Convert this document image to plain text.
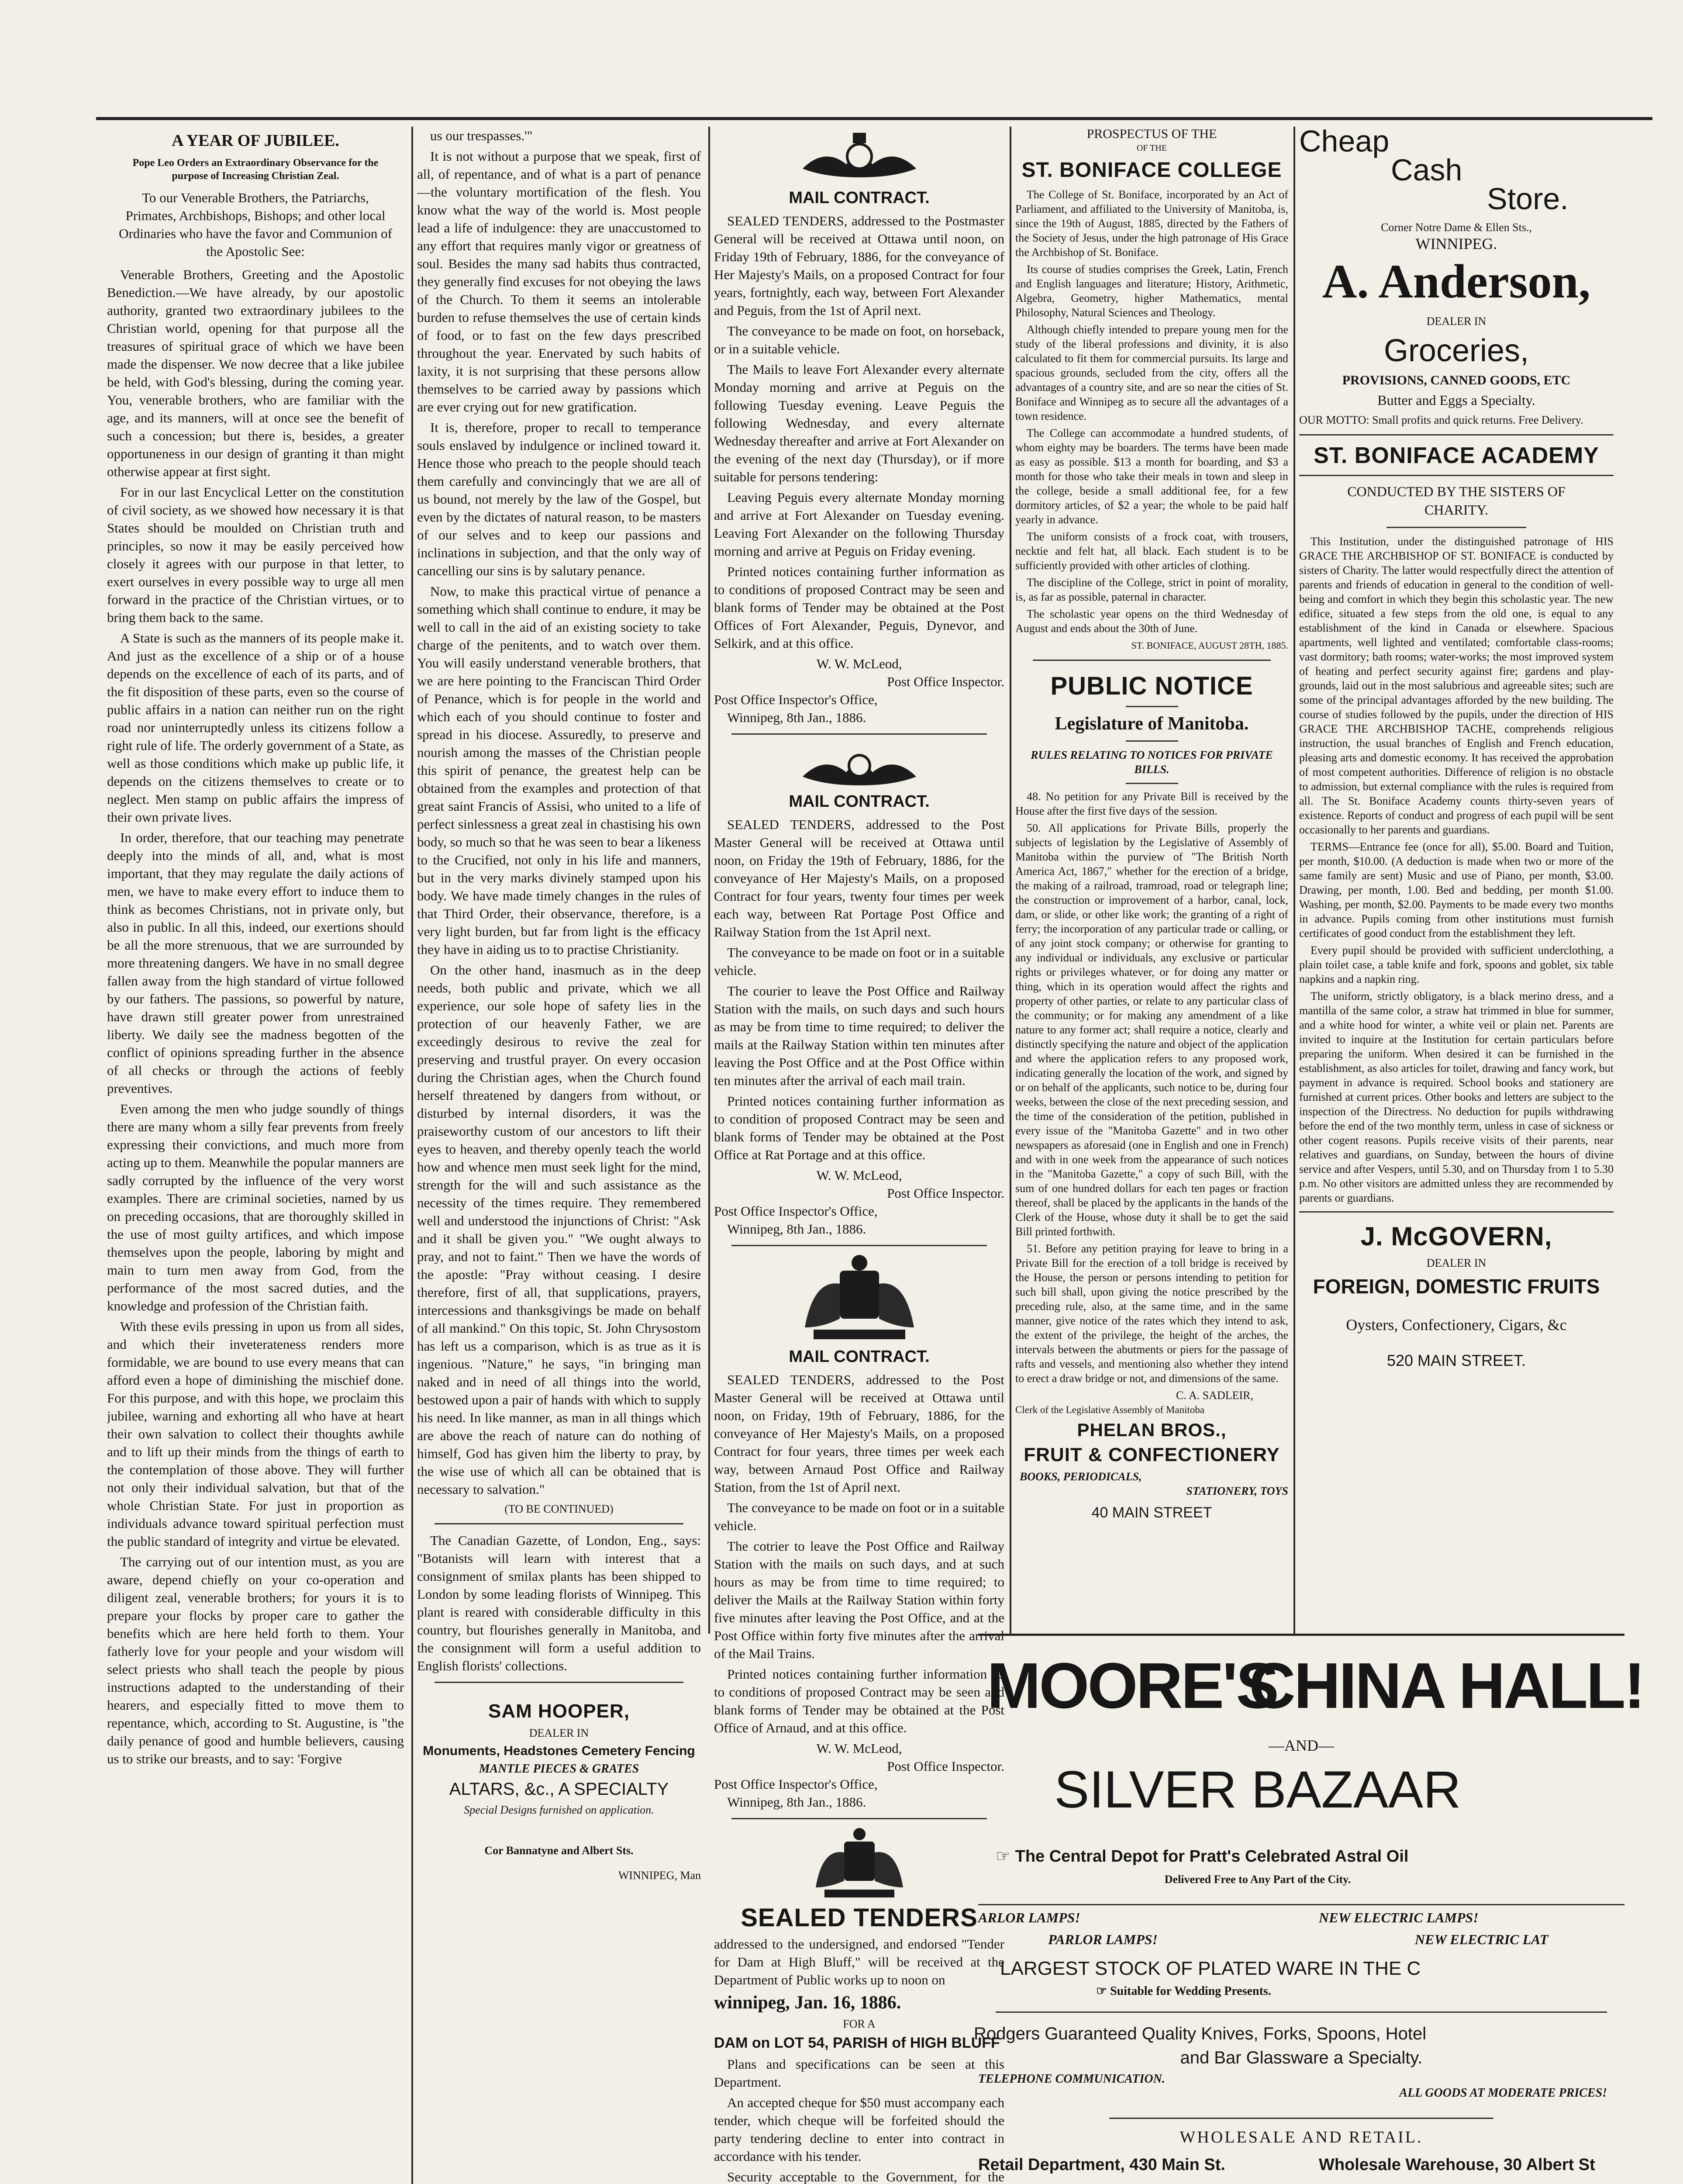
A YEAR OF JUBILEE.
Pope Leo Orders an Extraordinary Observance for the purpose of Increasing Christian Zeal.

To our Venerable Brothers, the Patriarchs, Primates, Archbishops, Bishops; and other local Ordinaries who have the favor and Communion of the Apostolic See:

Venerable Brothers, Greeting and the Apostolic Benediction.—We have already, by our apostolic authority, granted two extraordinary jubilees to the Christian world, opening for that purpose all the treasures of spiritual grace of which we have been made the dispenser. We now decree that a like jubilee be held, with God's blessing, during the coming year. You, venerable brothers, who are familiar with the age, and its manners, will at once see the benefit of such a concession; but there is, besides, a greater opportuneness in our design of granting it than might otherwise appear at first sight.

For in our last Encyclical Letter on the constitution of civil society, as we showed how necessary it is that States should be moulded on Christian truth and principles, so now it may be easily perceived how closely it agrees with our purpose in that letter, to exert ourselves in every possible way to urge all men forward in the practice of the Christian virtues, or to bring them back to the same.

A State is such as the manners of its people make it. And just as the excellence of a ship or of a house depends on the excellence of each of its parts, and of the fit disposition of these parts, even so the course of public affairs in a nation can neither run on the right road nor uninterruptedly unless its citizens follow a right rule of life. The orderly government of a State, as well as those conditions which make up public life, it depends on the citizens themselves to create or to neglect. Men stamp on public affairs the impress of their own private lives.

In order, therefore, that our teaching may penetrate deeply into the minds of all, and, what is most important, that they may regulate the daily actions of men, we have to make every effort to induce them to think as becomes Christians, not in private only, but also in public. In all this, indeed, our exertions should be all the more strenuous, that we are surrounded by more threatening dangers. We have in no small degree fallen away from the high standard of virtue followed by our fathers. The passions, so powerful by nature, have drawn still greater power from unrestrained liberty. We daily see the madness begotten of the conflict of opinions spreading further in the absence of all checks or through the actions of feebly preventives.

Even among the men who judge soundly of things there are many whom a silly fear prevents from freely expressing their convictions, and much more from acting up to them. Meanwhile the popular manners are sadly corrupted by the influence of the very worst examples. There are criminal societies, named by us on preceding occasions, that are thoroughly skilled in the use of most guilty artifices, and which impose themselves upon the people, laboring by might and main to turn men away from God, from the performance of the most sacred duties, and the knowledge and profession of the Christian faith.

With these evils pressing in upon us from all sides, and which their inveterateness renders more formidable, we are bound to use every means that can afford even a hope of diminishing the mischief done. For this purpose, and with this hope, we proclaim this jubilee, warning and exhorting all who have at heart their own salvation to collect their thoughts awhile and to lift up their minds from the things of earth to the contemplation of those above. They will further not only their individual salvation, but that of the whole Christian State. For just in proportion as individuals advance toward spiritual perfection must the public standard of integrity and virtue be elevated.

The carrying out of our intention must, as you are aware, depend chiefly on your co-operation and diligent zeal, venerable brothers; for yours it is to prepare your flocks by proper care to gather the benefits which are here held forth to them. Your fatherly love for your people and your wisdom will select priests who shall teach the people by pious instructions adapted to the understanding of their hearers, and especially fitted to move them to repentance, which, according to St. Augustine, is "the daily penance of good and humble believers, causing us to strike our breasts, and to say: 'Forgive

us our trespasses.'"

It is not without a purpose that we speak, first of all, of repentance, and of what is a part of penance—the voluntary mortification of the flesh. You know what the way of the world is. Most people lead a life of indulgence: they are unaccustomed to any effort that requires manly vigor or greatness of soul. Besides the many sad habits thus contracted, they generally find excuses for not obeying the laws of the Church. To them it seems an intolerable burden to refuse themselves the use of certain kinds of food, or to fast on the few days prescribed throughout the year. Enervated by such habits of laxity, it is not surprising that these persons allow themselves to be carried away by passions which are ever crying out for new gratification.

It is, therefore, proper to recall to temperance souls enslaved by indulgence or inclined toward it. Hence those who preach to the people should teach them carefully and convincingly that we are all of us bound, not merely by the law of the Gospel, but even by the dictates of natural reason, to be masters of our selves and to keep our passions and inclinations in subjection, and that the only way of cancelling our sins is by salutary penance.

Now, to make this practical virtue of penance a something which shall continue to endure, it may be well to call in the aid of an existing society to take charge of the penitents, and to watch over them. You will easily understand venerable brothers, that we are here pointing to the Franciscan Third Order of Penance, which is for people in the world and which each of you should continue to foster and spread in his diocese. Assuredly, to preserve and nourish among the masses of the Christian people this spirit of penance, the greatest help can be obtained from the examples and protection of that great saint Francis of Assisi, who united to a life of perfect sinlessness a great zeal in chastising his own body, so much so that he was seen to bear a likeness to the Crucified, not only in his life and manners, but in the very marks divinely stamped upon his body. We have made timely changes in the rules of that Third Order, their observance, therefore, is a very light burden, but far from light is the efficacy they have in aiding us to to practise Christianity.

On the other hand, inasmuch as in the deep needs, both public and private, which we all experience, our sole hope of safety lies in the protection of our heavenly Father, we are exceedingly desirous to revive the zeal for preserving and trustful prayer. On every occasion during the Christian ages, when the Church found herself threatened by dangers from without, or disturbed by internal disorders, it was the praiseworthy custom of our ancestors to lift their eyes to heaven, and thereby openly teach the world how and whence men must seek light for the mind, strength for the will and such assistance as the necessity of the times require. They remembered well and understood the injunctions of Christ: "Ask and it shall be given you." "We ought always to pray, and not to faint." Then we have the words of the apostle: "Pray without ceasing. I desire therefore, first of all, that supplications, prayers, intercessions and thanksgivings be made on behalf of all mankind." On this topic, St. John Chrysostom has left us a comparison, which is as true as it is ingenious. "Nature," he says, "in bringing man naked and in need of all things into the world, bestowed upon a pair of hands with which to supply his need. In like manner, as man in all things which are above the reach of nature can do nothing of himself, God has given him the liberty to pray, by the wise use of which all can be obtained that is necessary to salvation."

(TO BE CONTINUED)

The Canadian Gazette, of London, Eng., says: "Botanists will learn with interest that a consignment of smilax plants has been shipped to London by some leading florists of Winnipeg. This plant is reared with considerable difficulty in this country, but flourishes generally in Manitoba, and the consignment will form a useful addition to English florists' collections.

SAM HOOPER,
DEALER IN
Monuments, Headstones Cemetery Fencing
MANTLE PIECES & GRATES
ALTARS, &c., A SPECIALTY
Special Designs furnished on application.
Cor Bannatyne and Albert Sts.
WINNIPEG, Man
MAIL CONTRACT.

SEALED TENDERS, addressed to the Postmaster General will be received at Ottawa until noon, on Friday 19th of February, 1886, for the conveyance of Her Majesty's Mails, on a proposed Contract for four years, fortnightly, each way, between Fort Alexander and Peguis, from the 1st of April next.

The conveyance to be made on foot, on horseback, or in a suitable vehicle.

The Mails to leave Fort Alexander every alternate Monday morning and arrive at Peguis on the following Tuesday evening. Leave Peguis the following Wednesday, and every alternate Wednesday thereafter and arrive at Fort Alexander on the evening of the next day (Thursday), or if more suitable for persons tendering:

Leaving Peguis every alternate Monday morning and arrive at Fort Alexander on Tuesday evening. Leaving Fort Alexander on the following Thursday morning and arrive at Peguis on Friday evening.

Printed notices containing further information as to conditions of proposed Contract may be seen and blank forms of Tender may be obtained at the Post Offices of Fort Alexander, Peguis, Dynevor, and Selkirk, and at this office.

W. W. McLeod,
Post Office Inspector.
Post Office Inspector's Office,
Winnipeg, 8th Jan., 1886.
MAIL CONTRACT.

SEALED TENDERS, addressed to the Post Master General will be received at Ottawa until noon, on Friday the 19th of February, 1886, for the conveyance of Her Majesty's Mails, on a proposed Contract for four years, twenty four times per week each way, between Rat Portage Post Office and Railway Station from the 1st April next.

The conveyance to be made on foot or in a suitable vehicle.

The courier to leave the Post Office and Railway Station with the mails, on such days and such hours as may be from time to time required; to deliver the mails at the Railway Station within ten minutes after leaving the Post Office and at the Post Office within ten minutes after the arrival of each mail train.

Printed notices containing further information as to condition of proposed Contract may be seen and blank forms of Tender may be obtained at the Post Office at Rat Portage and at this office.

W. W. McLeod,
Post Office Inspector.
Post Office Inspector's Office,
Winnipeg, 8th Jan., 1886.
MAIL CONTRACT.

SEALED TENDERS, addressed to the Post Master General will be received at Ottawa until noon, on Friday, 19th of February, 1886, for the conveyance of Her Majesty's Mails, on a proposed Contract for four years, three times per week each way, between Arnaud Post Office and Railway Station, from the 1st of April next.

The conveyance to be made on foot or in a suitable vehicle.

The cotrier to leave the Post Office and Railway Station with the mails on such days, and at such hours as may be from time to time required; to deliver the Mails at the Railway Station within forty five minutes after leaving the Post Office, and at the Post Office within forty five minutes after the arrival of the Mail Trains.

Printed notices containing further information as to conditions of proposed Contract may be seen and blank forms of Tender may be obtained at the Post Office of Arnaud, and at this office.

W. W. McLeod,
Post Office Inspector.
Post Office Inspector's Office,
Winnipeg, 8th Jan., 1886.
SEALED TENDERS

addressed to the undersigned, and endorsed "Tender for Dam at High Bluff," will be received at the Department of Public works up to noon on

winnipeg, Jan. 16, 1886.
FOR A
DAM on LOT 54, PARISH of HIGH BLUFF

Plans and specifications can be seen at this Department.

An accepted cheque for $50 must accompany each tender, which cheque will be forfeited should the party tendering decline to enter into contract in accordance with his tender.

Security acceptable to the Government, for the

PROSPECTUS OF THE
OF THE
ST. BONIFACE COLLEGE

The College of St. Boniface, incorporated by an Act of Parliament, and affiliated to the University of Manitoba, is, since the 19th of August, 1885, directed by the Fathers of the Society of Jesus, under the high patronage of His Grace the Archbishop of St. Boniface.

Its course of studies comprises the Greek, Latin, French and English languages and literature; History, Arithmetic, Algebra, Geometry, higher Mathematics, mental Philosophy, Natural Sciences and Theology.

Although chiefly intended to prepare young men for the study of the liberal professions and divinity, it is also calculated to fit them for commercial pursuits. Its large and spacious grounds, secluded from the city, offers all the advantages of a country site, and are so near the cities of St. Boniface and Winnipeg as to secure all the advantages of a town residence.

The College can accommodate a hundred students, of whom eighty may be boarders. The terms have been made as easy as possible. $13 a month for boarding, and $3 a month for those who take their meals in town and sleep in the college, beside a small additional fee, for a few dormitory articles, of $2 a year; the whole to be paid half yearly in advance.

The uniform consists of a frock coat, with trousers, necktie and felt hat, all black. Each student is to be sufficiently provided with other articles of clothing.

The discipline of the College, strict in point of morality, is, as far as possible, paternal in character.

The scholastic year opens on the third Wednesday of August and ends about the 30th of June.

ST. BONIFACE, AUGUST 28TH, 1885.
PUBLIC NOTICE
Legislature of Manitoba.
RULES RELATING TO NOTICES FOR PRIVATE BILLS.

48. No petition for any Private Bill is received by the House after the first five days of the session.

50. All applications for Private Bills, properly the subjects of legislation by the Legislative of Assembly of Manitoba within the purview of "The British North America Act, 1867," whether for the erection of a bridge, the making of a railroad, tramroad, road or telegraph line; the construction or improvement of a harbor, canal, lock, dam, or slide, or other like work; the granting of a right of ferry; the incorporation of any particular trade or calling, or of any joint stock company; or otherwise for granting to any individual or individuals, any exclusive or particular rights or privileges whatever, or for doing any matter or thing, which in its operation would affect the rights and property of other parties, or relate to any particular class of the community; or for making any amendment of a like nature to any former act; shall require a notice, clearly and distinctly specifying the nature and object of the application and where the application refers to any proposed work, indicating generally the location of the work, and signed by or on behalf of the applicants, such notice to be, during four weeks, between the close of the next preceding session, and the time of the consideration of the petition, published in every issue of the "Manitoba Gazette" and in two other newspapers as aforesaid (one in English and one in French) and with in one week from the appearance of such notices in the "Manitoba Gazette," a copy of such Bill, with the sum of one hundred dollars for each ten pages or fraction thereof, shall be placed by the applicants in the hands of the Clerk of the House, whose duty it shall be to get the said Bill printed forthwith.

51. Before any petition praying for leave to bring in a Private Bill for the erection of a toll bridge is received by the House, the person or persons intending to petition for such bill shall, upon giving the notice prescribed by the preceding rule, also, at the same time, and in the same manner, give notice of the rates which they intend to ask, the extent of the privilege, the height of the arches, the intervals between the abutments or piers for the passage of rafts and vessels, and mentioning also whether they intend to erect a draw bridge or not, and dimensions of the same.

C. A. SADLEIR,
Clerk of the Legislative Assembly of Manitoba
PHELAN BROS.,
FRUIT & CONFECTIONERY
BOOKS, PERIODICALS,
STATIONERY, TOYS
40 MAIN STREET
Cheap
Cash
Store.
Corner Notre Dame & Ellen Sts.,
WINNIPEG.
A. Anderson,
DEALER IN
Groceries,
PROVISIONS, CANNED GOODS, ETC
Butter and Eggs a Specialty.
OUR MOTTO: Small profits and quick returns. Free Delivery.
ST. BONIFACE ACADEMY
CONDUCTED BY THE SISTERS OF CHARITY.

This Institution, under the distinguished patronage of HIS GRACE THE ARCHBISHOP OF ST. BONIFACE is conducted by sisters of Charity. The latter would respectfully direct the attention of parents and friends of education in general to the condition of well-being and comfort in which they begin this scholastic year. The new edifice, situated a few steps from the old one, is equal to any establishment of the kind in Canada or elsewhere. Spacious apartments, well lighted and ventilated; comfortable class-rooms; vast dormitory; bath rooms; water-works; the most improved system of heating and perfect security against fire; gardens and play-grounds, laid out in the most salubrious and agreeable sites; such are some of the principal advantages afforded by the new building. The course of studies followed by the pupils, under the direction of HIS GRACE THE ARCHBISHOP TACHE, comprehends religious instruction, the usual branches of English and French education, pleasing arts and domestic economy. It has received the approbation of most competent authorities. Difference of religion is no obstacle to admission, but external compliance with the rules is required from all. The St. Boniface Academy counts thirty-seven years of existence. Reports of conduct and progress of each pupil will be sent occasionally to her parents and guardians.

TERMS—Entrance fee (once for all), $5.00. Board and Tuition, per month, $10.00. (A deduction is made when two or more of the same family are sent) Music and use of Piano, per month, $3.00. Drawing, per month, 1.00. Bed and bedding, per month $1.00. Washing, per month, $2.00. Payments to be made every two months in advance. Pupils coming from other institutions must furnish certificates of good conduct from the establishment they left.

Every pupil should be provided with sufficient underclothing, a plain toilet case, a table knife and fork, spoons and goblet, six table napkins and a napkin ring.

The uniform, strictly obligatory, is a black merino dress, and a mantilla of the same color, a straw hat trimmed in blue for summer, and a white hood for winter, a white veil or plain net. Parents are invited to inquire at the Institution for certain particulars before preparing the uniform. When desired it can be furnished in the establishment, as also articles for toilet, drawing and fancy work, but payment in advance is required. School books and stationery are furnished at current prices. Other books and letters are subject to the inspection of the Directress. No deduction for pupils withdrawing before the end of the two monthly term, unless in case of sickness or other cogent reasons. Pupils receive visits of their parents, near relatives and guardians, on Sunday, between the hours of divine service and after Vespers, until 5.30, and on Thursday from 1 to 5.30 p.m. No other visitors are admitted unless they are recommended by parents or guardians.

J. McGOVERN,
DEALER IN
FOREIGN, DOMESTIC FRUITS
Oysters, Confectionery, Cigars, &c
520 MAIN STREET.
MOORE'S
CHINA HALL!
—AND—
SILVER BAZAAR
☞ The Central Depot for Pratt's Celebrated Astral Oil
Delivered Free to Any Part of the City.
ARLOR LAMPS!	NEW ELECTRIC LAMPS!
PARLOR LAMPS!	NEW ELECTRIC LAT
LARGEST STOCK OF PLATED WARE IN THE C
☞ Suitable for Wedding Presents.
Rodgers Guaranteed Quality Knives, Forks, Spoons, Hotel
and Bar Glassware a Specialty.
TELEPHONE COMMUNICATION.
ALL GOODS AT MODERATE PRICES!
WHOLESALE AND RETAIL.
Retail Department, 430 Main St.	Wholesale Warehouse, 30 Albert St
